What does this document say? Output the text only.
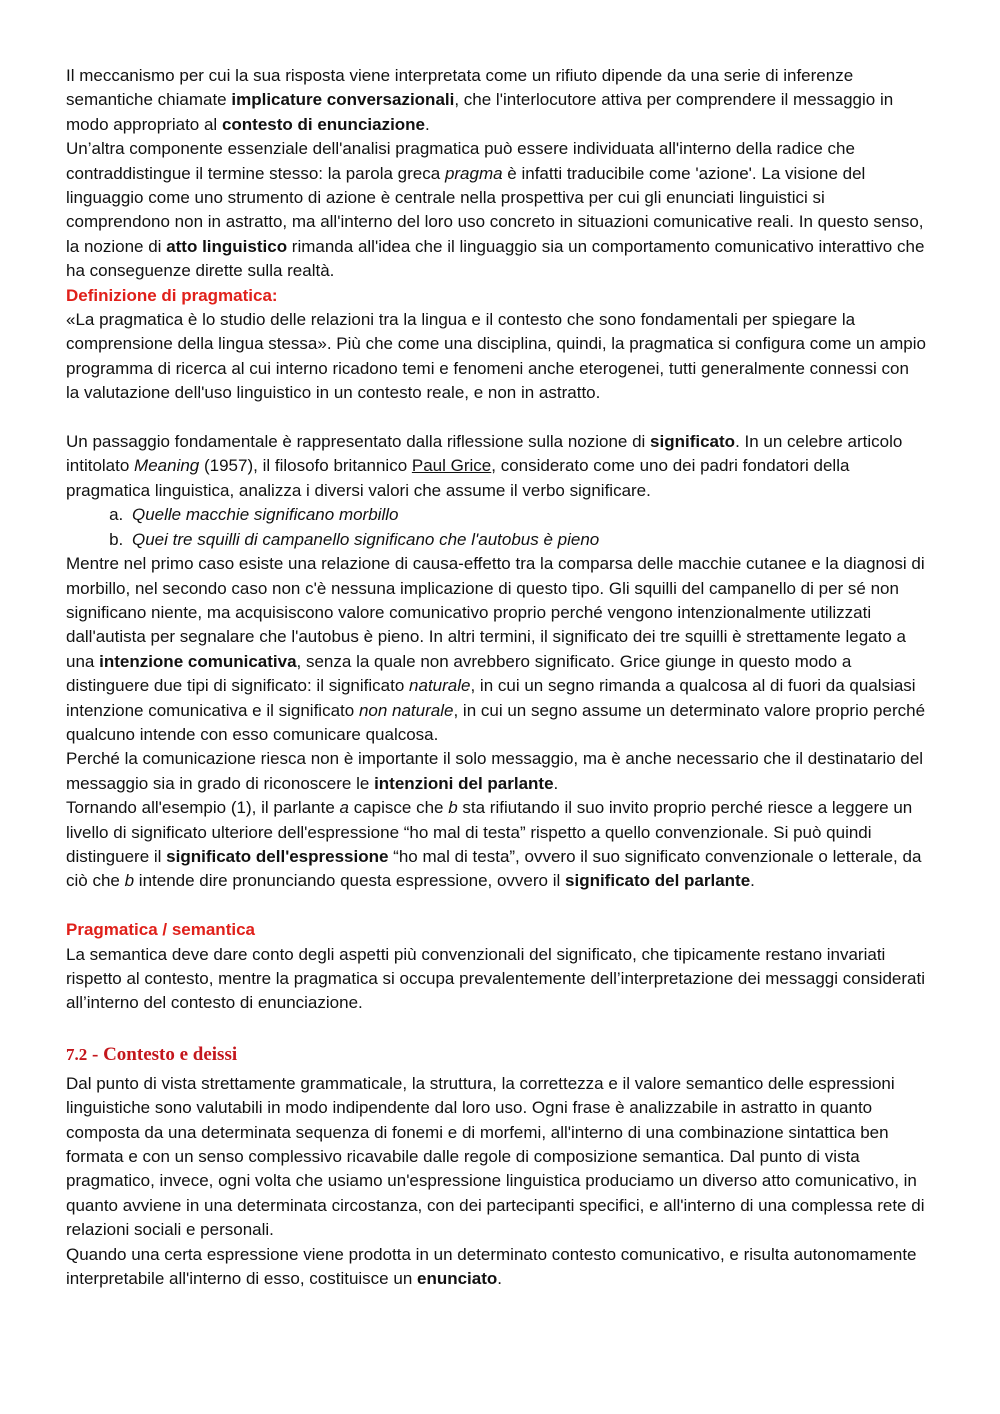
Il meccanismo per cui la sua risposta viene interpretata come un rifiuto dipende da una serie di inferenze semantiche chiamate implicature conversazionali, che l'interlocutore attiva per comprendere il messaggio in modo appropriato al contesto di enunciazione.

Un’altra componente essenziale dell'analisi pragmatica può essere individuata all'interno della radice che contraddistingue il termine stesso: la parola greca pragma è infatti traducibile come 'azione'. La visione del linguaggio come uno strumento di azione è centrale nella prospettiva per cui gli enunciati linguistici si comprendono non in astratto, ma all'interno del loro uso concreto in situazioni comunicative reali. In questo senso, la nozione di atto linguistico rimanda all'idea che il linguaggio sia un comportamento comunicativo interattivo che ha conseguenze dirette sulla realtà.

Definizione di pragmatica:

«La pragmatica è lo studio delle relazioni tra la lingua e il contesto che sono fondamentali per spiegare la comprensione della lingua stessa». Più che come una disciplina, quindi, la pragmatica si configura come un ampio programma di ricerca al cui interno ricadono temi e fenomeni anche eterogenei, tutti generalmente connessi con la valutazione dell'uso linguistico in un contesto reale, e non in astratto.

Un passaggio fondamentale è rappresentato dalla riflessione sulla nozione di significato. In un celebre articolo intitolato Meaning (1957), il filosofo britannico Paul Grice, considerato come uno dei padri fondatori della pragmatica linguistica, analizza i diversi valori che assume il verbo significare.

a. Quelle macchie significano morbillo
b. Quei tre squilli di campanello significano che l'autobus è pieno

Mentre nel primo caso esiste una relazione di causa-effetto tra la comparsa delle macchie cutanee e la diagnosi di morbillo, nel secondo caso non c'è nessuna implicazione di questo tipo. Gli squilli del campanello di per sé non significano niente, ma acquisiscono valore comunicativo proprio perché vengono intenzionalmente utilizzati dall'autista per segnalare che l'autobus è pieno. In altri termini, il significato dei tre squilli è strettamente legato a una intenzione comunicativa, senza la quale non avrebbero significato. Grice giunge in questo modo a distinguere due tipi di significato: il significato naturale, in cui un segno rimanda a qualcosa al di fuori da qualsiasi intenzione comunicativa e il significato non naturale, in cui un segno assume un determinato valore proprio perché qualcuno intende con esso comunicare qualcosa.

Perché la comunicazione riesca non è importante il solo messaggio, ma è anche necessario che il destinatario del messaggio sia in grado di riconoscere le intenzioni del parlante.

Tornando all'esempio (1), il parlante a capisce che b sta rifiutando il suo invito proprio perché riesce a leggere un livello di significato ulteriore dell'espressione “ho mal di testa” rispetto a quello convenzionale. Si può quindi distinguere il significato dell'espressione “ho mal di testa”, ovvero il suo significato convenzionale o letterale, da ciò che b intende dire pronunciando questa espressione, ovvero il significato del parlante.

Pragmatica / semantica

La semantica deve dare conto degli aspetti più convenzionali del significato, che tipicamente restano invariati rispetto al contesto, mentre la pragmatica si occupa prevalentemente dell’interpretazione dei messaggi considerati all’interno del contesto di enunciazione.

7.2 - Contesto e deissi

Dal punto di vista strettamente grammaticale, la struttura, la correttezza e il valore semantico delle espressioni linguistiche sono valutabili in modo indipendente dal loro uso. Ogni frase è analizzabile in astratto in quanto composta da una determinata sequenza di fonemi e di morfemi, all'interno di una combinazione sintattica ben formata e con un senso complessivo ricavabile dalle regole di composizione semantica. Dal punto di vista pragmatico, invece, ogni volta che usiamo un'espressione linguistica produciamo un diverso atto comunicativo, in quanto avviene in una determinata circostanza, con dei partecipanti specifici, e all'interno di una complessa rete di relazioni sociali e personali.

Quando una certa espressione viene prodotta in un determinato contesto comunicativo, e risulta autonomamente interpretabile all'interno di esso, costituisce un enunciato.
